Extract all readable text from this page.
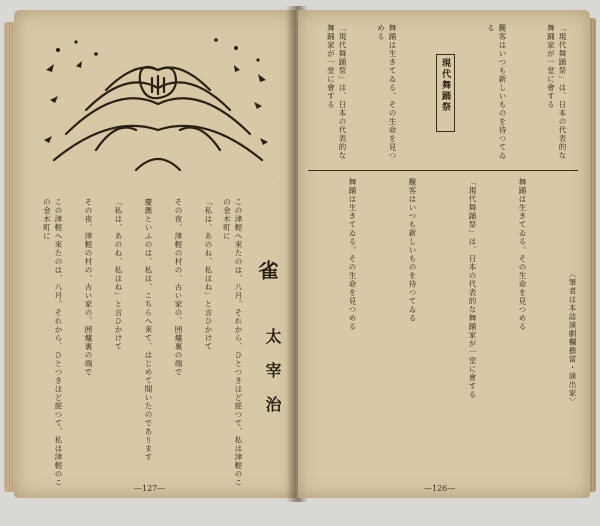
雀
太宰治
この津輕へ來たのは、八月。それから、ひとつきほど經つて、私は津輕のこの金木町に
「私は、あのね、私はね」と言ひかけて
その夜、津輕の村の、古い家の、囲爐裏の端で
慶應といふのは、私は、こちらへ來て、はじめて聞いたのであります
「私は、あのね、私はね」と言ひかけて
その夜、津輕の村の、古い家の、囲爐裏の端で
この津輕へ來たのは、八月。それから、ひとつきほど經つて、私は津輕のこの金木町に
—127—
現代舞踊祭
「現代舞踊祭」は、日本の代表的な舞踊家が一堂に會する	舞踊は生きてゐる。その生命を見つめる	觀客はいつも新しいものを待つてゐる	「現代舞踊祭」は、日本の代表的な舞踊家が一堂に會する
舞踊は生きてゐる。その生命を見つめる	觀客はいつも新しいものを待つてゐる	「現代舞踊祭」は、日本の代表的な舞踊家が一堂に會する	舞踊は生きてゐる。その生命を見つめる
〈筆者は本誌演劇欄擔當・演出家〉
—126—
